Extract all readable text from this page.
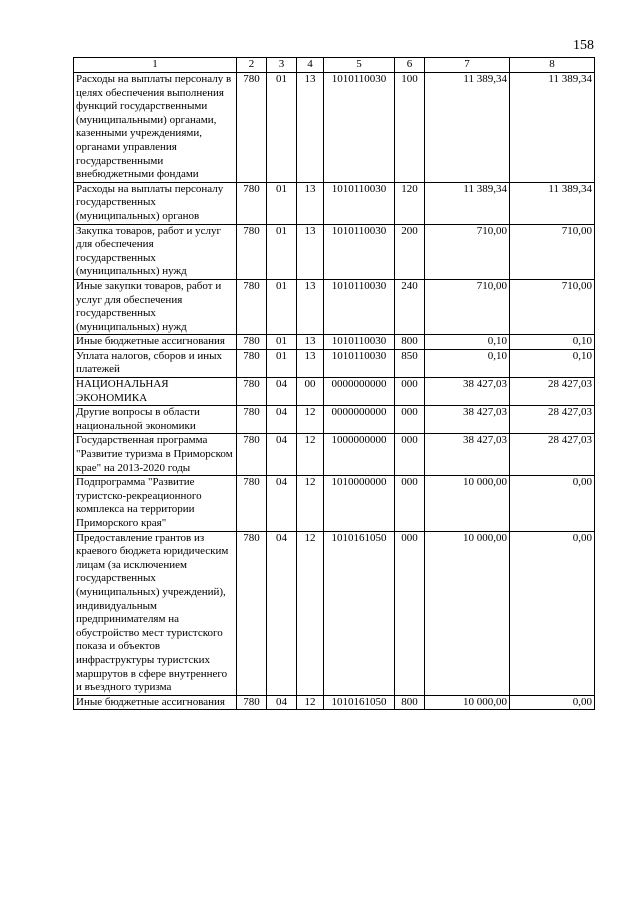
158
1	2	3	4	5	6	7	8
Расходы на выплаты персоналу в целях обеспечения выполнения функций государственными (муниципальными) органами, казенными учреждениями, органами управления государственными внебюджетными фондами	780	01	13	1010110030	100	11 389,34	11 389,34
Расходы на выплаты персоналу государственных (муниципальных) органов	780	01	13	1010110030	120	11 389,34	11 389,34
Закупка товаров, работ и услуг для обеспечения государственных (муниципальных) нужд	780	01	13	1010110030	200	710,00	710,00
Иные закупки товаров, работ и услуг для обеспечения государственных (муниципальных) нужд	780	01	13	1010110030	240	710,00	710,00
Иные бюджетные ассигнования	780	01	13	1010110030	800	0,10	0,10
Уплата налогов, сборов и иных платежей	780	01	13	1010110030	850	0,10	0,10
НАЦИОНАЛЬНАЯ ЭКОНОМИКА	780	04	00	0000000000	000	38 427,03	28 427,03
Другие вопросы в области национальной экономики	780	04	12	0000000000	000	38 427,03	28 427,03
Государственная программа "Развитие туризма в Приморском крае" на 2013-2020 годы	780	04	12	1000000000	000	38 427,03	28 427,03
Подпрограмма "Развитие туристско-рекреационного комплекса на территории Приморского края"	780	04	12	1010000000	000	10 000,00	0,00
Предоставление грантов из краевого бюджета юридическим лицам (за исключением государственных (муниципальных) учреждений), индивидуальным предпринимателям на обустройство мест туристского показа и объектов инфраструктуры туристских маршрутов в сфере внутреннего и въездного туризма	780	04	12	1010161050	000	10 000,00	0,00
Иные бюджетные ассигнования	780	04	12	1010161050	800	10 000,00	0,00
